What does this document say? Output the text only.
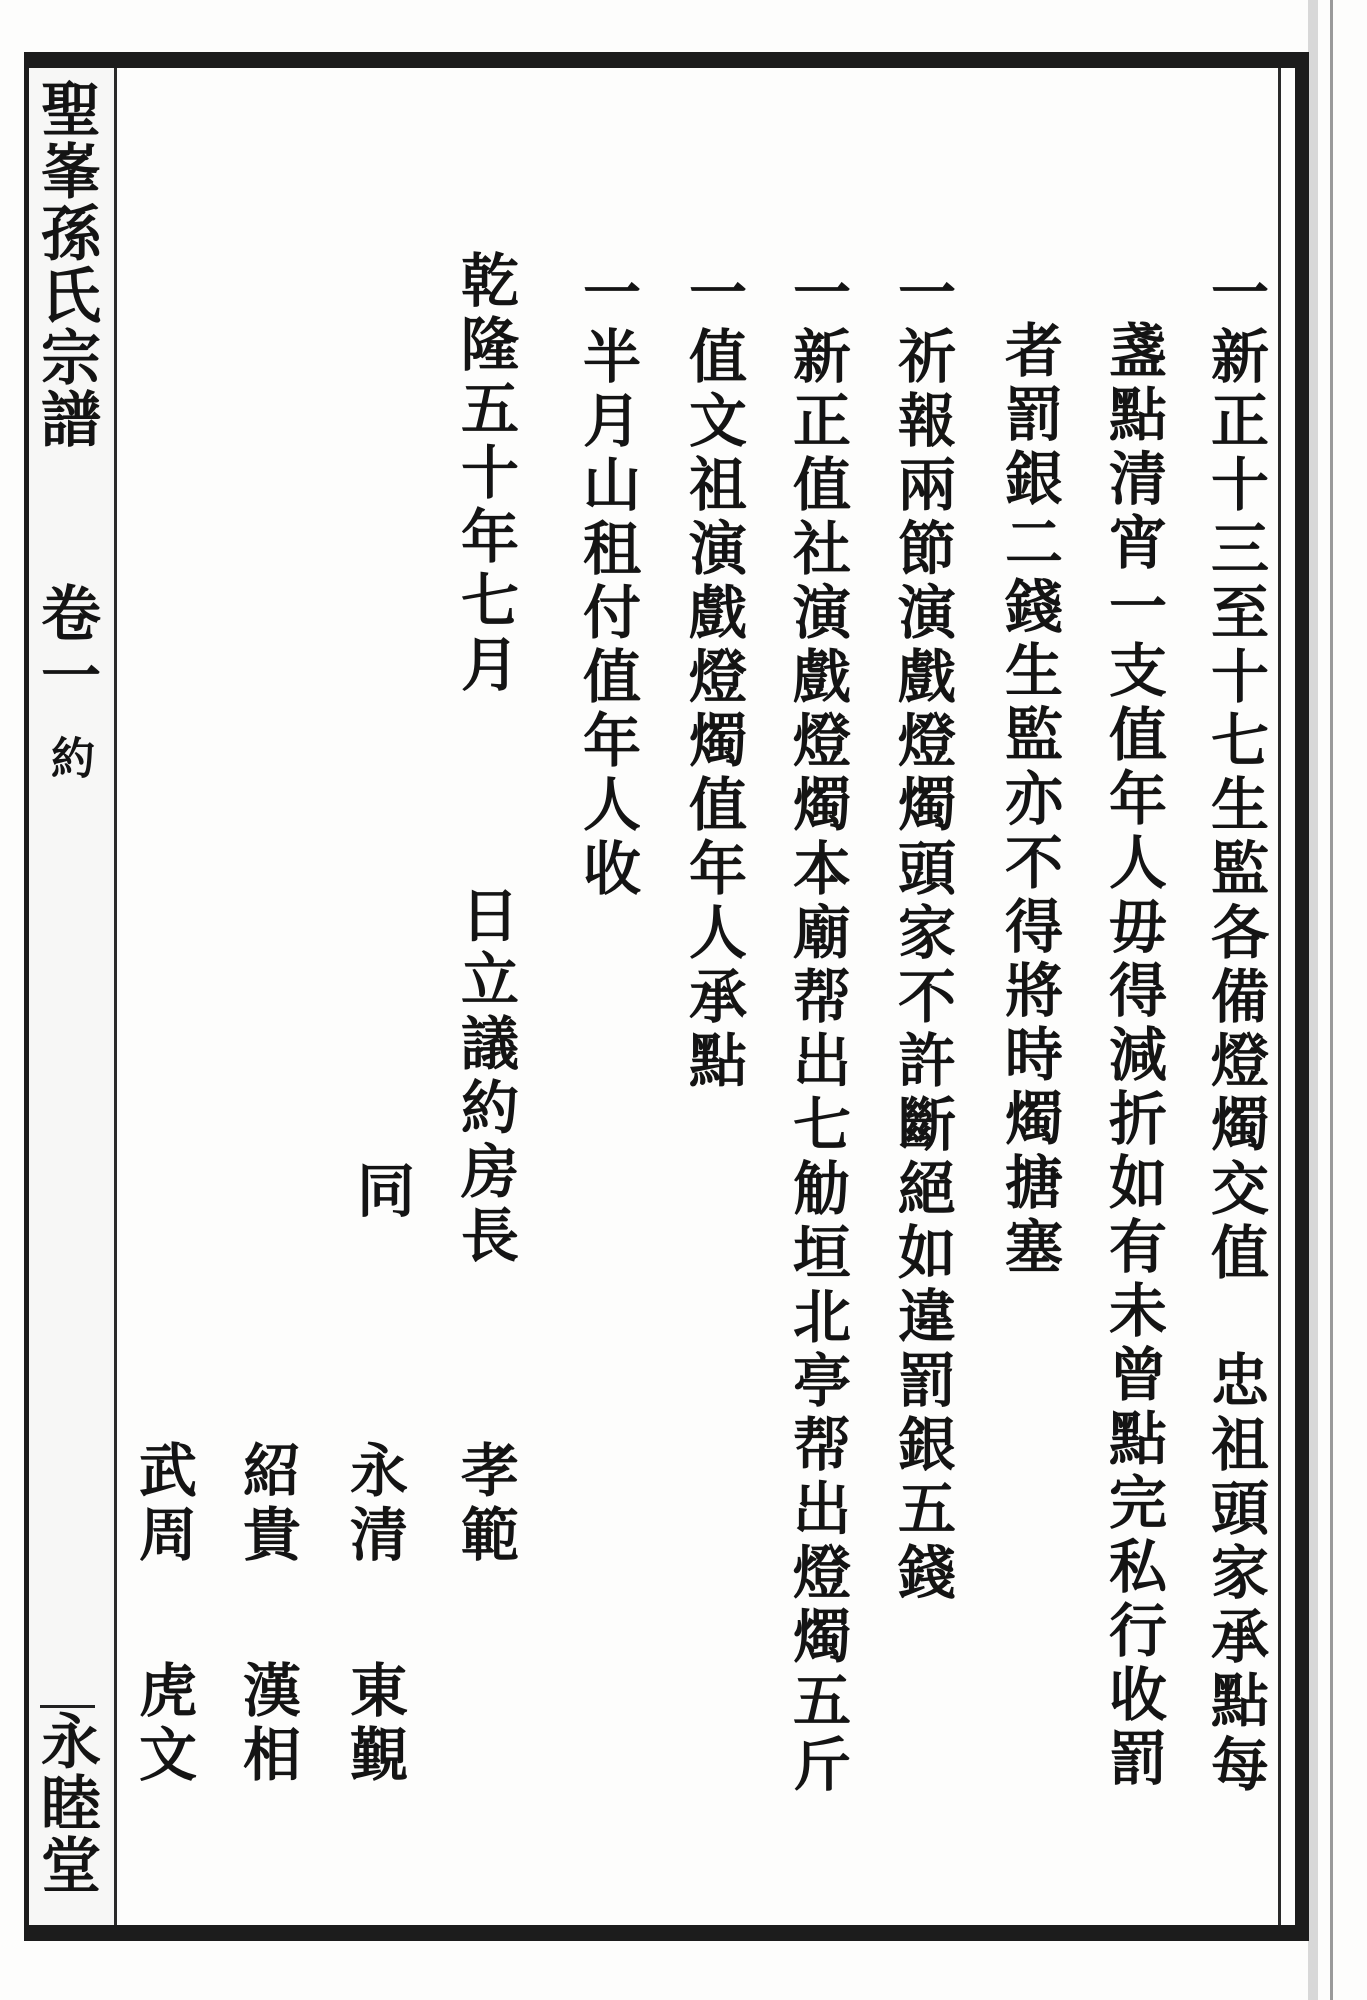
聖峯孫氏宗譜

卷一

約

永睦堂

一新正十三至十七生監各備燈燭交值　忠祖頭家承點每

盞點清宵一支值年人毋得減折如有未曾點完私行收罰

者罰銀二錢生監亦不得將時燭搪塞

一祈報兩節演戲燈燭頭家不許斷絕如違罰銀五錢

一新正值社演戲燈燭本廟帮出七觔垣北亭帮出燈燭五斤

一值文祖演戲燈燭值年人承點

一半月山租付值年人收

乾隆五十年七月

日立議約房長

同

孝範

永清

東覲

紹貴

漢相

武周

虎文
